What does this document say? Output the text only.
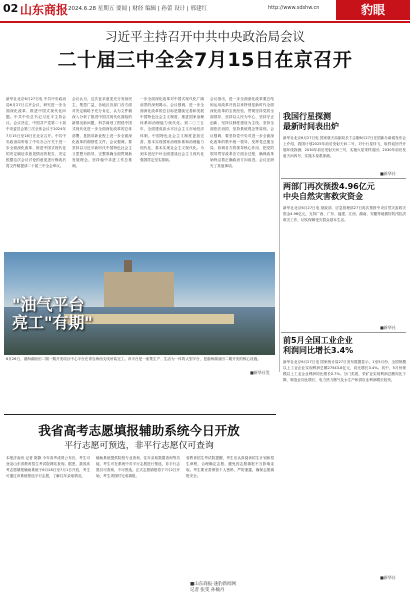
02 山东商报 2024.6.28 星期五 要闻 | 财经 编辑 | 孙蕾 设计 | 邢建红	http://www.sdshw.cn	豹眼
习近平主持召开中共中央政治局会议
二十届三中全会7月15日在京召开
新华社北京6月27日电 中共中央政治局6月27日召开会议，研究进一步全面深化改革、推进中国式现代化问题。中共中央总书记习近平主持会议。会议决定，中国共产党第二十届中央委员会第三次全体会议于2024年7月15日至18日在北京召开。中共中央政治局听取了中央办公厅关于进一步全面深化改革、推进中国式现代化的决定稿征求意见情况的报告，决定根据这次会议讨论的意见进行修改后将文件稿提请二十届三中全会审议。
会议认为，这次征求意见充分发扬民主，集思广益，各地区各部门各方面对决定稿给予充分肯定，认为文件稿深入分析了推进中国式现代化面临的新情况新问题，科学谋划了围绕中国式现代化进一步全面深化改革的总体部署，是指导新征程上进一步全面深化改革的纲领性文件。会议强调，要坚持以习近平新时代中国特色社会主义思想为指导，完整准确全面贯彻新发展理念，坚持稳中求进工作总基调。
一步全面深化改革对中国式现代化广阔前景的深刻揭示。会议强调，进一步全面深化改革的总目标是继续完善和发展中国特色社会主义制度，推进国家治理体系和治理能力现代化。到二〇三五年，全面建成高水平社会主义市场经济体制，中国特色社会主义制度更加完善，基本实现国家治理体系和治理能力现代化，基本实现社会主义现代化。为到本世纪中叶全面建成社会主义现代化强国奠定坚实基础。
会议指出，进一步全面深化改革要总结和运用改革开放以来特别是新时代全面深化改革的宝贵经验，贯彻坚持党的全面领导、坚持以人民为中心、坚持守正创新、坚持以制度建设为主线、坚持全面依法治国、坚持系统观念等原则。会议强调，要坚持党中央对进一步全面深化改革的集中统一领导，发挥党总揽全局、协调各方的领导核心作用，把党的领导贯穿改革各方面全过程，确保改革始终沿着正确政治方向前进。会议还研究了其他事项。
"油气平台
亮工"有期"
6月26日，渤海湖油田二期一期开发项目中心平台在青岛海西支线吊装完工。该平台是一座集生产、生活为一体的大型平台，是渤海湖油田二期开发的核心设施。
■新华社发
我国行星探测
最新时间表出炉
新华社北京6月27日电 国家航天局副局长卞志刚6月27日在国新办新闻发布会上介绍，我国计划2025年前后发射天问二号，对小行星伴飞、取样返回并开展环绕探测；2030年前后发射天问三号，实施火星采样返回；2030年前后发射天问四号，实施木星系探测。
■新华社
两部门再次预拨4.96亿元
中央自然灾害救灾资金
新华社北京6月27日电 财政部、应急管理部27日再次预拨中央自然灾害救灾资金4.96亿元，支持广西、广东、福建、江西、湖南、安徽等地做好防汛抗洪救灾工作，切实保障受灾群众基本生活。
■新华社
前5月全国工业企业
利润同比增长3.4%
新华社北京6月27日电 国家统计局27日发布数据显示，1至5月份，全国规模以上工业企业实现利润总额27543.8亿元，同比增长3.4%。其中，5月份规模以上工业企业利润同比增长0.7%。分门类看，采矿业实现利润总额同比下降，制造业同比增长，电力热力燃气及水生产和供应业利润增长较快。
■新华社
我省高考志愿填报辅助系统今日开放
平行志愿可预选，非平行志愿仅可查询
本报济南讯 记者 陈静 今年高考成绩公布后，考生可登录山东省教育招生考试院网站查询。据悉，我省高考志愿填报辅助系统于6月28日至7月1日开放，考生可通过该系统预选平行志愿，了解往年录取情况。
辅助系统提供院校专业查询、往年录取数据查询等功能，考生可在系统中对平行志愿进行预选，非平行志愿仅可查询，不可预选。正式志愿填报将于7月2日开始，考生须按时完成填报。
省教育招生考试院提醒，考生应认真阅读招生计划和招生章程，合理确定志愿，避免因志愿填报不当影响录取。考生要妥善保管个人密码，严防泄露，确保志愿填报安全。
■山东商报·速豹新闻网
记者 张雯 孙楠丹
